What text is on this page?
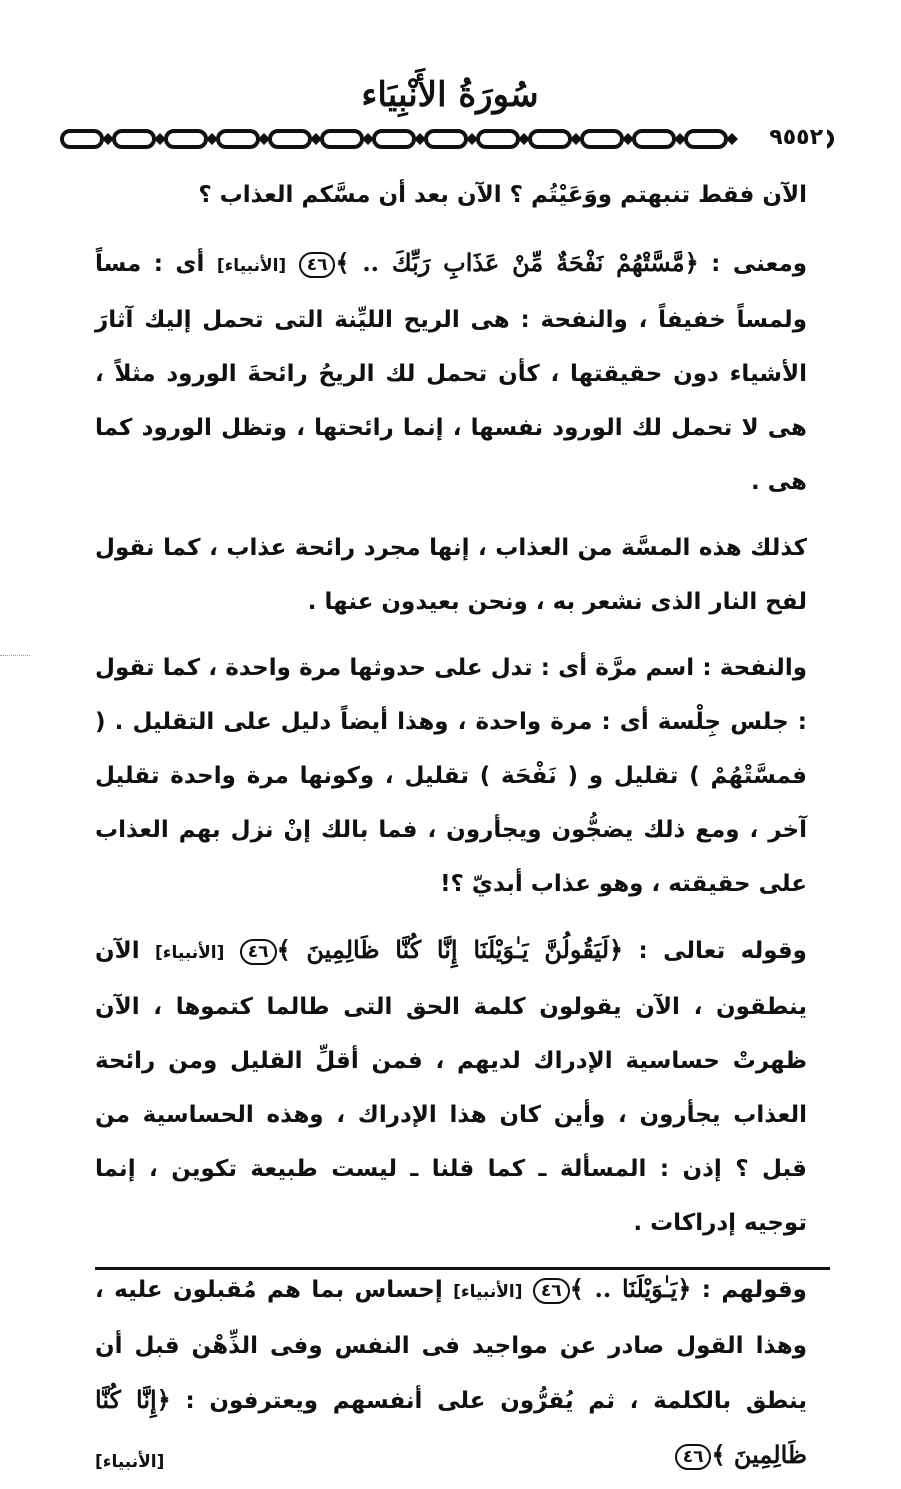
سُورَةُ الأَنْبِيَاء
٩٥٥٢

الآن فقط تنبهتم ووَعَيْتُم ؟ الآن بعد أن مسَّكم العذاب ؟

ومعنى : ﴿مَّسَّتْهُمْ نَفْحَةٌ مِّنْ عَذَابِ رَبِّكَ .. ﴾٤٦ [الأنبياء] أى : مساً ولمساً خفيفاً ، والنفحة : هى الريح الليِّنة التى تحمل إليك آثارَ الأشياء دون حقيقتها ، كأن تحمل لك الريحُ رائحةَ الورود مثلاً ، هى لا تحمل لك الورود نفسها ، إنما رائحتها ، وتظل الورود كما هى .

كذلك هذه المسَّة من العذاب ، إنها مجرد رائحة عذاب ، كما نقول لفح النار الذى نشعر به ، ونحن بعيدون عنها .

والنفحة : اسم مرَّة أى : تدل على حدوثها مرة واحدة ، كما تقول : جلس جِلْسة أى : مرة واحدة ، وهذا أيضاً دليل على التقليل . ( فمسَّتْهُمْ ) تقليل و ( نَفْحَة ) تقليل ، وكونها مرة واحدة تقليل آخر ، ومع ذلك يضجُّون ويجأرون ، فما بالك إنْ نزل بهم العذاب على حقيقته ، وهو عذاب أبديّ ؟!

وقوله تعالى : ﴿لَيَقُولُنَّ يَـٰوَيْلَنَا إِنَّا كُنَّا ظَالِمِينَ ﴾٤٦ [الأنبياء] الآن ينطقون ، الآن يقولون كلمة الحق التى طالما كتموها ، الآن ظهرتْ حساسية الإدراك لديهم ، فمن أقلِّ القليل ومن رائحة العذاب يجأرون ، وأين كان هذا الإدراك ، وهذه الحساسية من قبل ؟ إذن : المسألة ـ كما قلنا ـ ليست طبيعة تكوين ، إنما توجيه إدراكات .

وقولهم : ﴿يَـٰوَيْلَنَا .. ﴾٤٦ [الأنبياء] إحساس بما هم مُقبلون عليه ، وهذا القول صادر عن مواجيد فى النفس وفى الذِّهْن قبل أن ينطق بالكلمة ، ثم يُقرُّون على أنفسهم ويعترفون : ﴿إِنَّا كُنَّا ظَالِمِينَ ﴾٤٦

[الأنبياء]
